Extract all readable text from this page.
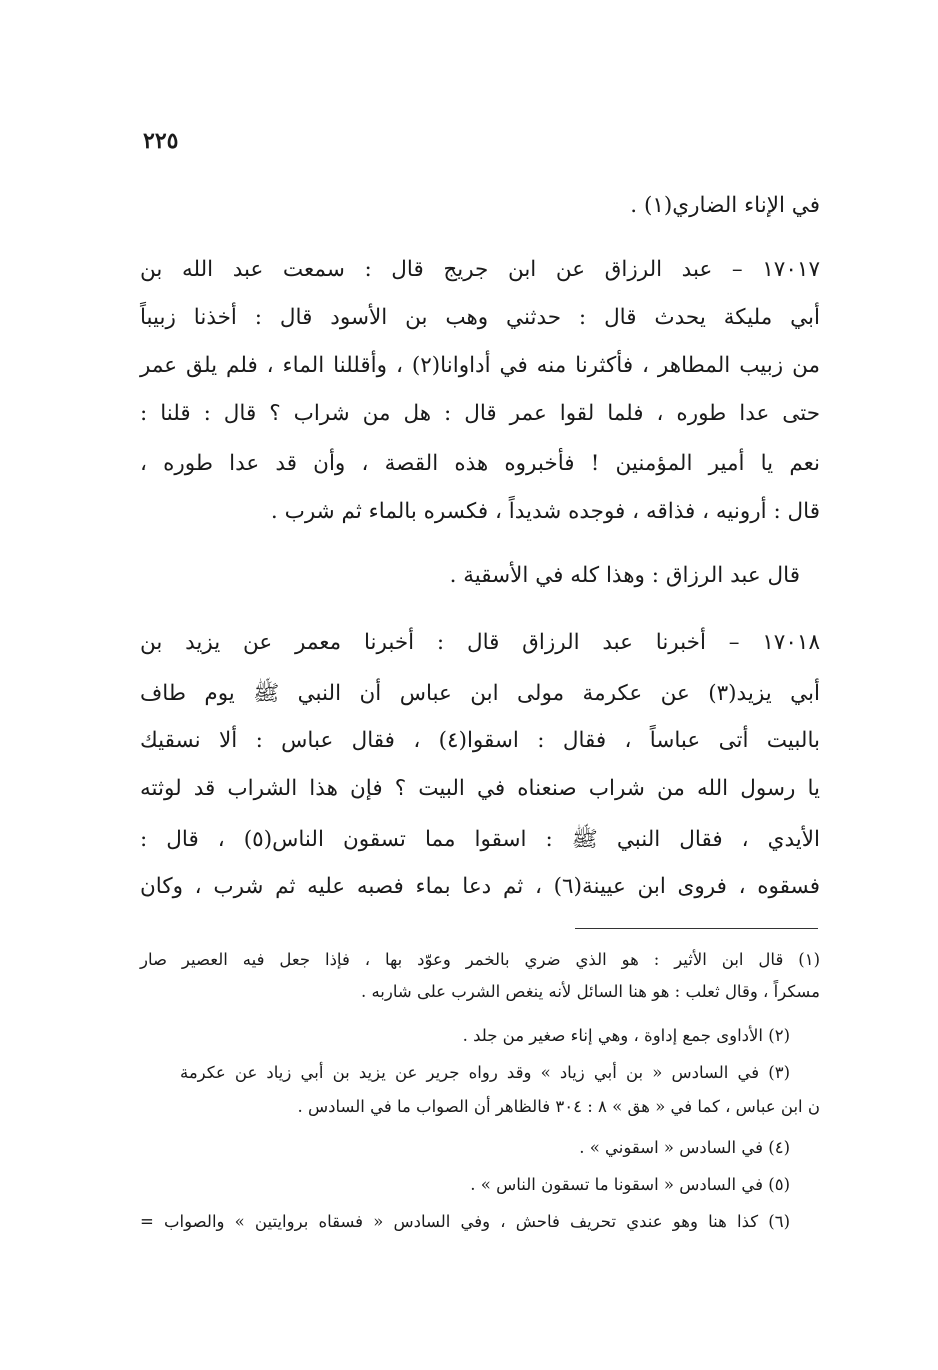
٢٢٥
في الإناء الضاري(١) .
١٧٠١٧ – عبد الرزاق عن ابن جريج قال : سمعت عبد الله بن
أبي مليكة يحدث قال : حدثني وهب بن الأسود قال : أخذنا زبيباً
من زبيب المطاهر ، فأكثرنا منه في أداوانا(٢) ، وأقللنا الماء ، فلم يلق عمر
حتى عدا طوره ، فلما لقوا عمر قال : هل من شراب ؟ قال : قلنا :
نعم يا أمير المؤمنين ! فأخبروه هذه القصة ، وأن قد عدا طوره ،
قال : أرونيه ، فذاقه ، فوجده شديداً ، فكسره بالماء ثم شرب .
قال عبد الرزاق : وهذا كله في الأسقية .
١٧٠١٨ – أخبرنا عبد الرزاق قال : أخبرنا معمر عن يزيد بن
أبي يزيد(٣) عن عكرمة مولى ابن عباس أن النبي ﷺ يوم طاف
بالبيت أتى عباساً ، فقال : اسقوا(٤) ، فقال عباس : ألا نسقيك
يا رسول الله من شراب صنعناه في البيت ؟ فإن هذا الشراب قد لوثته
الأيدي ، فقال النبي ﷺ : اسقوا مما تسقون الناس(٥) ، قال :
فسقوه ، فروى ابن عيينة(٦) ، ثم دعا بماء فصبه عليه ثم شرب ، وكان
(١) قال ابن الأثير : هو الذي ضري بالخمر وعوّد بها ، فإذا جعل فيه العصير صار
مسكراً ، وقال ثعلب : هو هنا السائل لأنه ينغص الشرب على شاربه .
(٢) الأداوى جمع إداوة ، وهي إناء صغير من جلد .
(٣) في السادس « بن أبي زياد » وقد رواه جرير عن يزيد بن أبي زياد عن عكرمة
ن ابن عباس ، كما في « هق » ٨ : ٣٠٤ فالظاهر أن الصواب ما في السادس .
(٤) في السادس « اسقوني » .
(٥) في السادس « اسقونا ما تسقون الناس » .
(٦) كذا هنا وهو عندي تحريف فاحش ، وفي السادس « فسقاه بروايتين » والصواب =
